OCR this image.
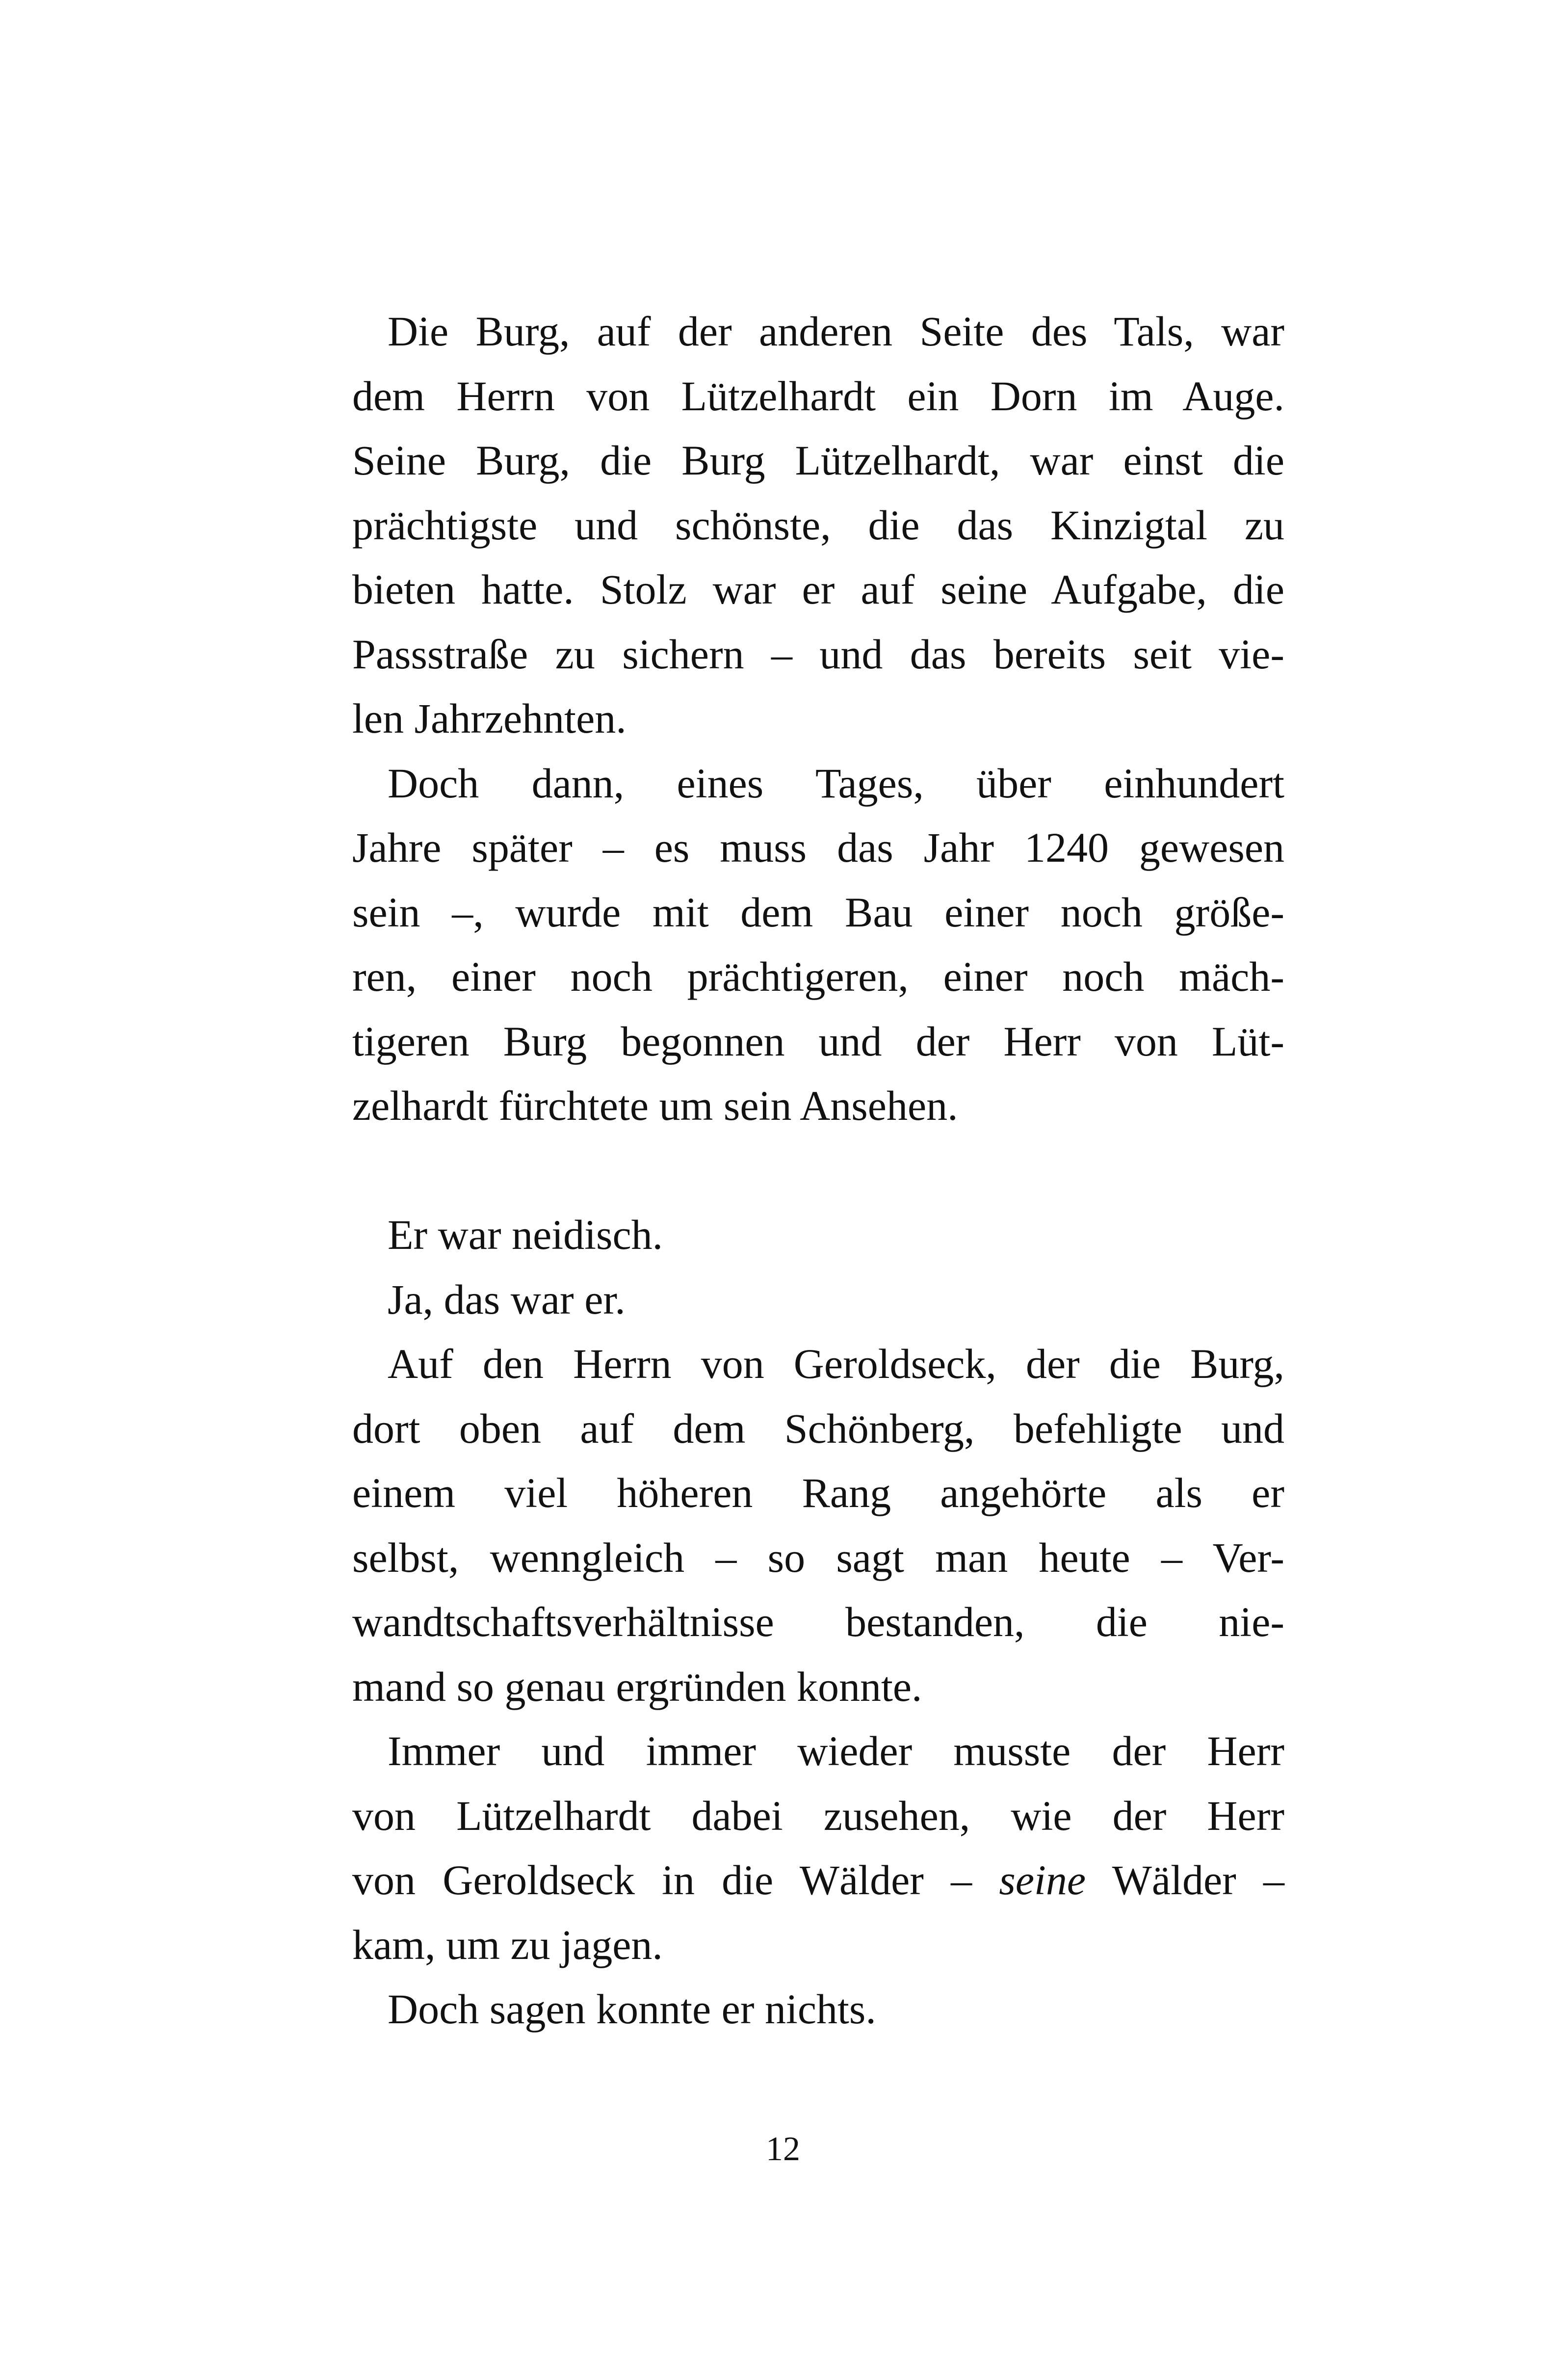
Die Burg, auf der anderen Seite des Tals, war
dem Herrn von Lützelhardt ein Dorn im Auge.
Seine Burg, die Burg Lützelhardt, war einst die
prächtigste und schönste, die das Kinzigtal zu
bieten hatte. Stolz war er auf seine Aufgabe, die
Passstraße zu sichern – und das bereits seit vie-
len Jahrzehnten.
Doch dann, eines Tages, über einhundert
Jahre später – es muss das Jahr 1240 gewesen
sein –, wurde mit dem Bau einer noch größe-
ren, einer noch prächtigeren, einer noch mäch-
tigeren Burg begonnen und der Herr von Lüt-
zelhardt fürchtete um sein Ansehen.
Er war neidisch.
Ja, das war er.
Auf den Herrn von Geroldseck, der die Burg,
dort oben auf dem Schönberg, befehligte und
einem viel höheren Rang angehörte als er
selbst, wenngleich – so sagt man heute – Ver-
wandtschaftsverhältnisse bestanden, die nie-
mand so genau ergründen konnte.
Immer und immer wieder musste der Herr
von Lützelhardt dabei zusehen, wie der Herr
von Geroldseck in die Wälder – seine Wälder –
kam, um zu jagen.
Doch sagen konnte er nichts.
12
